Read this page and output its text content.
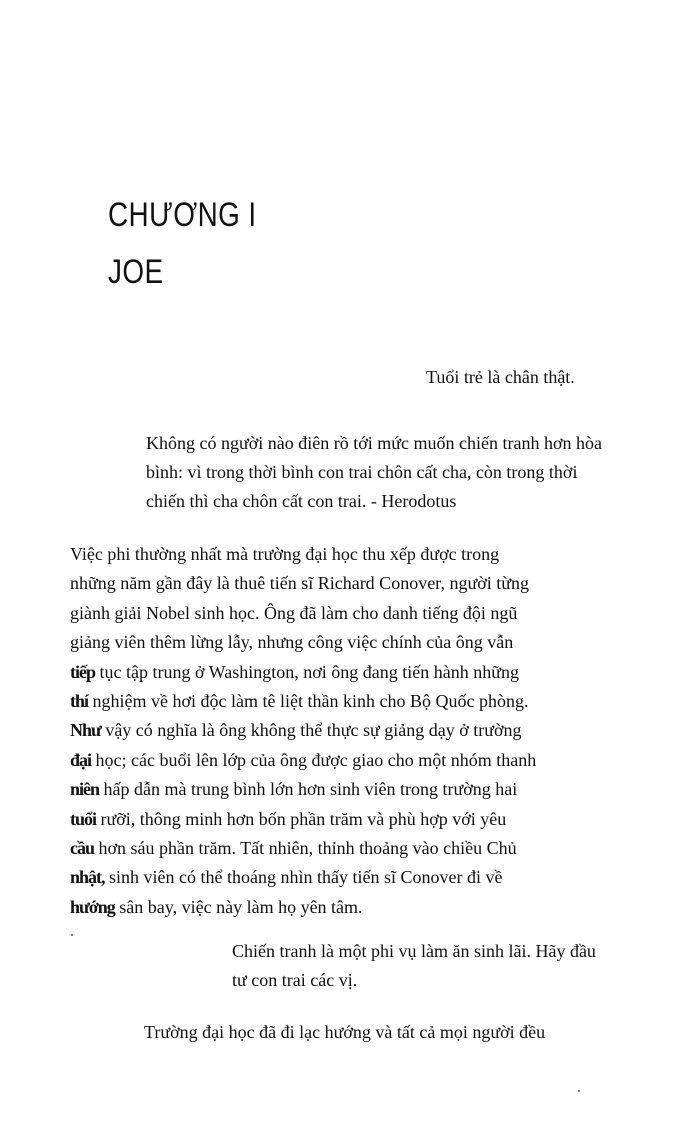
CHƯƠNG I
JOE

Tuổi trẻ là chân thật.

Không có người nào điên rồ tới mức muốn chiến tranh hơn hòa
bình: vì trong thời bình con trai chôn cất cha, còn trong thời
chiến thì cha chôn cất con trai. - Herodotus
Việc phi thường nhất mà trường đại học thu xếp được trong
những năm gần đây là thuê tiến sĩ Richard Conover, người từng
giành giải Nobel sinh học. Ông đã làm cho danh tiếng đội ngũ
giảng viên thêm lừng lẫy, nhưng công việc chính của ông vẫn
tiếp tục tập trung ở Washington, nơi ông đang tiến hành những
thí nghiệm về hơi độc làm tê liệt thần kinh cho Bộ Quốc phòng.
Như vậy có nghĩa là ông không thể thực sự giảng dạy ở trường
đại học; các buổi lên lớp của ông được giao cho một nhóm thanh
niên hấp dẫn mà trung bình lớn hơn sinh viên trong trường hai
tuổi rưỡi, thông minh hơn bốn phần trăm và phù hợp với yêu
cầu hơn sáu phần trăm. Tất nhiên, thỉnh thoảng vào chiều Chủ
nhật, sinh viên có thể thoáng nhìn thấy tiến sĩ Conover đi về
hướng sân bay, việc này làm họ yên tâm.
Chiến tranh là một phi vụ làm ăn sinh lãi. Hãy đầu
tư con trai các vị.

Trường đại học đã đi lạc hướng và tất cả mọi người đều
